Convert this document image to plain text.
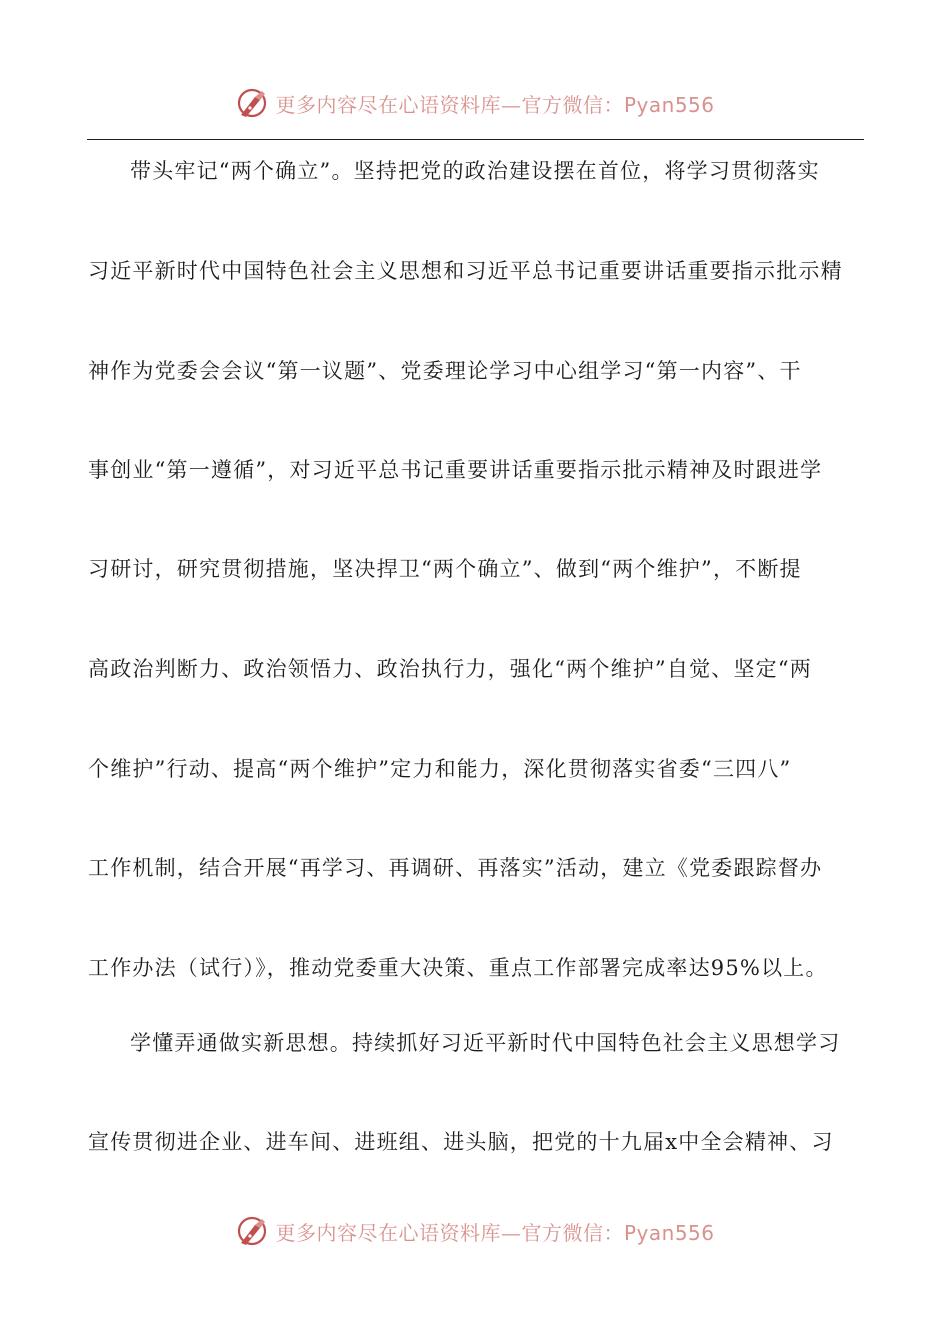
更多内容尽在心语资料库—官方微信：Pyan556
带头牢记“两个确立”。坚持把党的政治建设摆在首位，将学习贯彻落实
习近平新时代中国特色社会主义思想和习近平总书记重要讲话重要指示批示精
神作为党委会会议“第一议题”、党委理论学习中心组学习“第一内容”、干
事创业“第一遵循”，对习近平总书记重要讲话重要指示批示精神及时跟进学
习研讨，研究贯彻措施，坚决捍卫“两个确立”、做到“两个维护”，不断提
高政治判断力、政治领悟力、政治执行力，强化“两个维护”自觉、坚定“两
个维护”行动、提高“两个维护”定力和能力，深化贯彻落实省委“三四八”
工作机制，结合开展“再学习、再调研、再落实”活动，建立《党委跟踪督办
工作办法（试行）》，推动党委重大决策、重点工作部署完成率达95%以上。
学懂弄通做实新思想。持续抓好习近平新时代中国特色社会主义思想学习
宣传贯彻进企业、进车间、进班组、进头脑，把党的十九届x中全会精神、习
更多内容尽在心语资料库—官方微信：Pyan556
